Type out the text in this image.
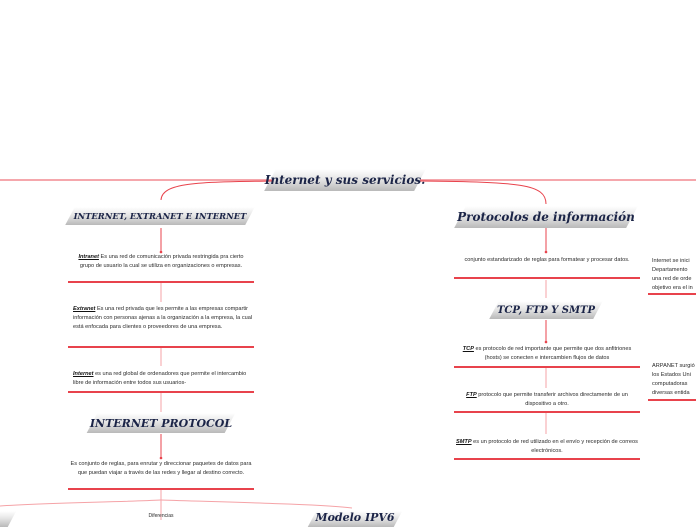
Internet y sus servicios.
INTERNET, EXTRANET E INTERNET
Intranet Es una red de comunicación privada restringida pra cierto grupo de usuario la cual se utiliza en organizaciones o empresas.
Extranet Es una red privada que les permite a las empresas compartir información con personas ajenas a la organización a la empresa, la cual está enfocada para clientes o proveedores de una empresa.
Internet es una red global de ordenadores que permite el intercambio libre de información entre todos sus usuarios-
INTERNET PROTOCOL
Es conjunto de reglas, para enrutar y direccionar paquetes de datos para que puedan viajar a través de las redes y llegar al destino correcto.
Diferencias	Modelo IPV6
Protocolos de información
conjunto estandarizado de reglas para formatear y procesar datos.
TCP, FTP Y SMTP
TCP es protocolo de red importante que permite que dos anfitriones (hosts) se conecten e intercambien flujos de datos
FTP protocolo que permite transferir archivos directamente de un dispositivo a otro.
SMTP es un protocolo de red utilizado en el envío y recepción de correos electrónicos.
Internet se inici
Departamento
una red de orde
objetivo era el in
ARPANET surgió
los Estados Uni
computadoras
diversas entida
